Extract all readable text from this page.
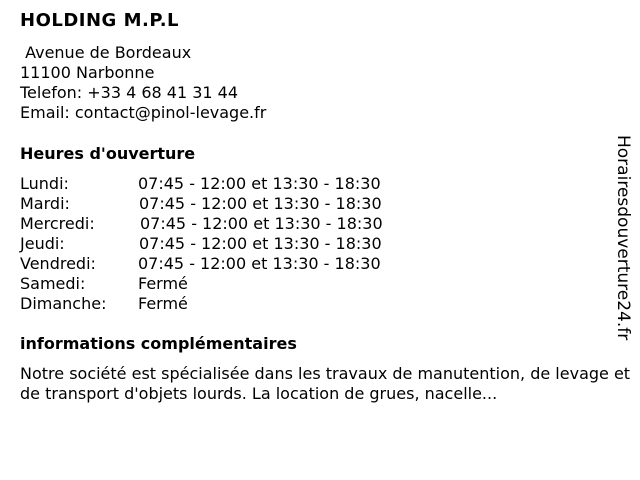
HOLDING M.P.L
Avenue de Bordeaux
11100 Narbonne
Telefon: +33 4 68 41 31 44
Email: contact@pinol-levage.fr
Heures d'ouverture
Lundi:	07:45 - 12:00 et 13:30 - 18:30
Mardi:	07:45 - 12:00 et 13:30 - 18:30
Mercredi:	07:45 - 12:00 et 13:30 - 18:30
Jeudi:	07:45 - 12:00 et 13:30 - 18:30
Vendredi:	07:45 - 12:00 et 13:30 - 18:30
Samedi:	Fermé
Dimanche: Fermé
informations complémentaires
Notre société est spécialisée dans les travaux de manutention, de levage et de transport d'objets lourds. La location de grues, nacelle...
Horairesdouverture24.fr
